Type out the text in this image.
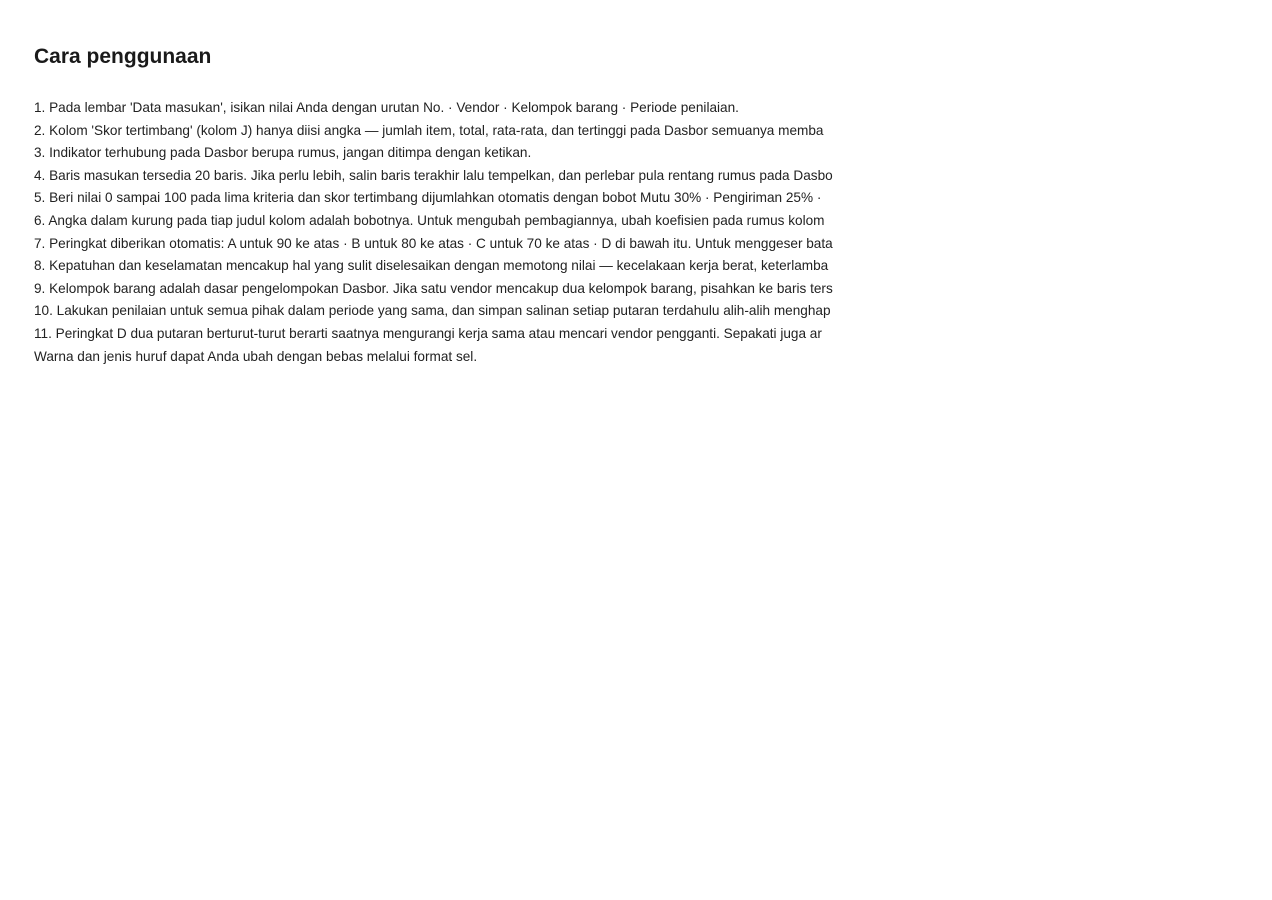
Cara penggunaan
1. Pada lembar 'Data masukan', isikan nilai Anda dengan urutan No. · Vendor · Kelompok barang · Periode penilaian.
2. Kolom 'Skor tertimbang' (kolom J) hanya diisi angka — jumlah item, total, rata-rata, dan tertinggi pada Dasbor semuanya memba
3. Indikator terhubung pada Dasbor berupa rumus, jangan ditimpa dengan ketikan.
4. Baris masukan tersedia 20 baris. Jika perlu lebih, salin baris terakhir lalu tempelkan, dan perlebar pula rentang rumus pada Dasbo
5. Beri nilai 0 sampai 100 pada lima kriteria dan skor tertimbang dijumlahkan otomatis dengan bobot Mutu 30% · Pengiriman 25% ·
6. Angka dalam kurung pada tiap judul kolom adalah bobotnya. Untuk mengubah pembagiannya, ubah koefisien pada rumus kolom
7. Peringkat diberikan otomatis: A untuk 90 ke atas · B untuk 80 ke atas · C untuk 70 ke atas · D di bawah itu. Untuk menggeser bata
8. Kepatuhan dan keselamatan mencakup hal yang sulit diselesaikan dengan memotong nilai — kecelakaan kerja berat, keterlamba
9. Kelompok barang adalah dasar pengelompokan Dasbor. Jika satu vendor mencakup dua kelompok barang, pisahkan ke baris ters
10. Lakukan penilaian untuk semua pihak dalam periode yang sama, dan simpan salinan setiap putaran terdahulu alih-alih menghap
11. Peringkat D dua putaran berturut-turut berarti saatnya mengurangi kerja sama atau mencari vendor pengganti. Sepakati juga ar
Warna dan jenis huruf dapat Anda ubah dengan bebas melalui format sel.
